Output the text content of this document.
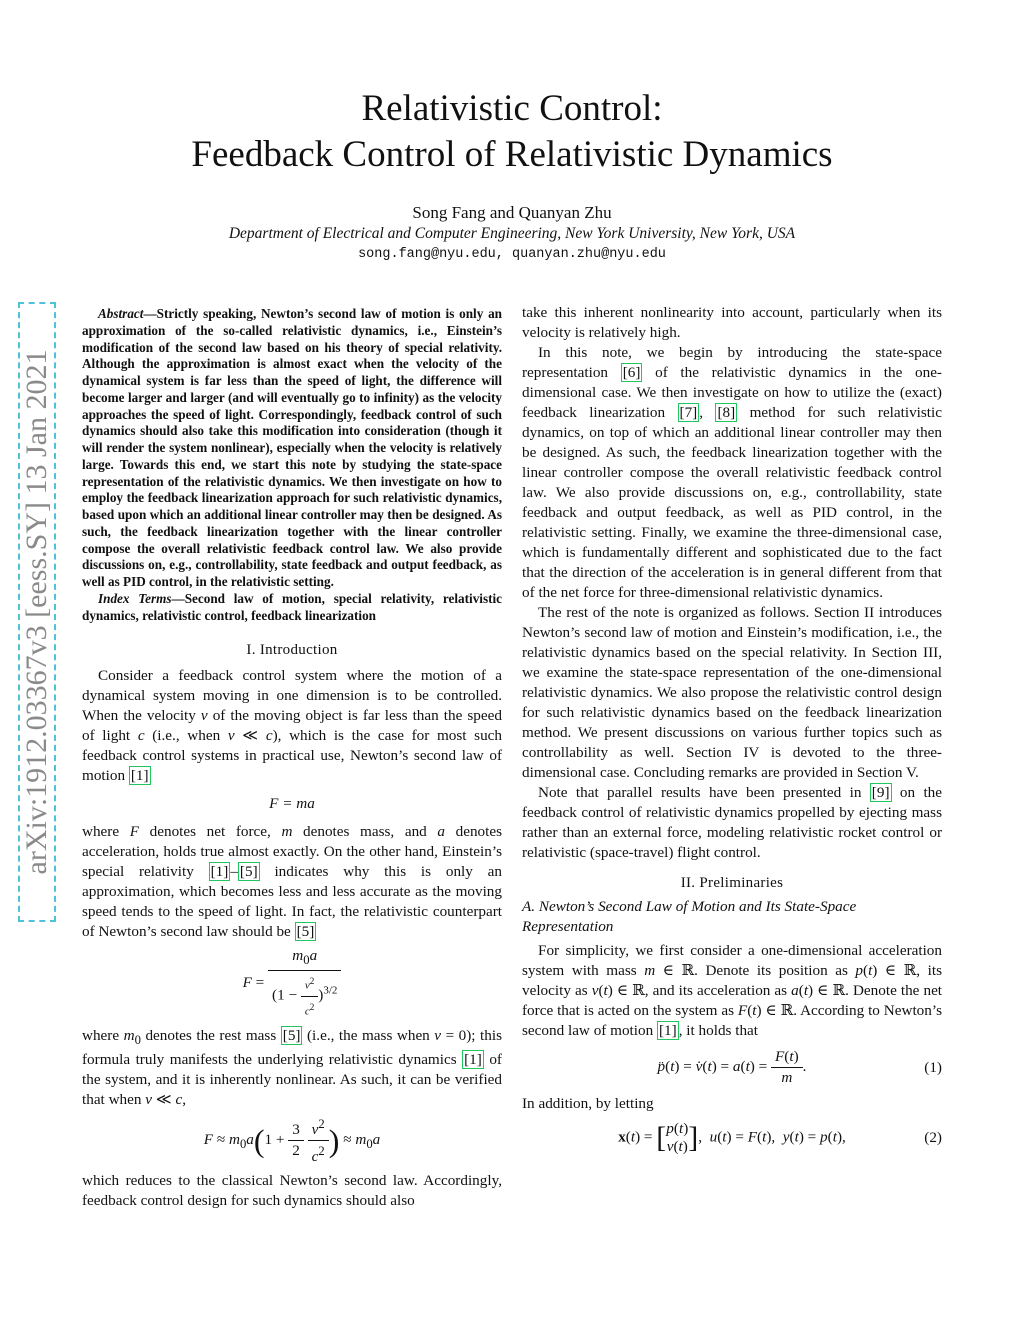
Relativistic Control:
Feedback Control of Relativistic Dynamics
Song Fang and Quanyan Zhu
Department of Electrical and Computer Engineering, New York University, New York, USA
song.fang@nyu.edu, quanyan.zhu@nyu.edu
arXiv:1912.03367v3 [eess.SY] 13 Jan 2021

Abstract—Strictly speaking, Newton’s second law of motion is only an approximation of the so-called relativistic dynamics, i.e., Einstein’s modification of the second law based on his theory of special relativity. Although the approximation is almost exact when the velocity of the dynamical system is far less than the speed of light, the difference will become larger and larger (and will eventually go to infinity) as the velocity approaches the speed of light. Correspondingly, feedback control of such dynamics should also take this modification into consideration (though it will render the system nonlinear), especially when the velocity is relatively large. Towards this end, we start this note by studying the state-space representation of the relativistic dynamics. We then investigate on how to employ the feedback linearization approach for such relativistic dynamics, based upon which an additional linear controller may then be designed. As such, the feedback linearization together with the linear controller compose the overall relativistic feedback control law. We also provide discussions on, e.g., controllability, state feedback and output feedback, as well as PID control, in the relativistic setting.

Index Terms—Second law of motion, special relativity, relativistic dynamics, relativistic control, feedback linearization

I. Introduction

Consider a feedback control system where the motion of a dynamical system moving in one dimension is to be controlled. When the velocity v of the moving object is far less than the speed of light c (i.e., when v ≪ c), which is the case for most such feedback control systems in practical use, Newton’s second law of motion [1]

F = ma

where F denotes net force, m denotes mass, and a denotes acceleration, holds true almost exactly. On the other hand, Einstein’s special relativity [1] – [5] indicates why this is only an approximation, which becomes less and less accurate as the moving speed tends to the speed of light. In fact, the relativistic counterpart of Newton’s second law should be [5]

$F = \frac{m_0a}{(1 - \frac{v^2}{c^2} )^{3/2}}$

where $m_0$ denotes the rest mass [5] (i.e., the mass when v = 0); this formula truly manifests the underlying relativistic dynamics [1] of the system, and it is inherently nonlinear. As such, it can be verified that when v ≪ c,

$F \approx m_0a(1 + \frac{3}{2}$
$\frac{v^2}{c^2}$ ) ≈ $m_0a$

which reduces to the classical Newton’s second law. Accordingly, feedback control design for such dynamics should also

take this inherent nonlinearity into account, particularly when its velocity is relatively high.

In this note, we begin by introducing the state-space representation [6] of the relativistic dynamics in the one-dimensional case. We then investigate on how to utilize the (exact) feedback linearization [7] , [8] method for such relativistic dynamics, on top of which an additional linear controller may then be designed. As such, the feedback linearization together with the linear controller compose the overall relativistic feedback control law. We also provide discussions on, e.g., controllability, state feedback and output feedback, as well as PID control, in the relativistic setting. Finally, we examine the three-dimensional case, which is fundamentally different and sophisticated due to the fact that the direction of the acceleration is in general different from that of the net force for three-dimensional relativistic dynamics.

The rest of the note is organized as follows. Section II introduces Newton’s second law of motion and Einstein’s modification, i.e., the relativistic dynamics based on the special relativity. In Section III, we examine the state-space representation of the one-dimensional relativistic dynamics. We also propose the relativistic control design for such relativistic dynamics based on the feedback linearization method. We present discussions on various further topics such as controllability as well. Section IV is devoted to the three-dimensional case. Concluding remarks are provided in Section V.

Note that parallel results have been presented in [9] on the feedback control of relativistic dynamics propelled by ejecting mass rather than an external force, modeling relativistic rocket control or relativistic (space-travel) flight control.

II. Preliminaries

A. Newton’s Second Law of Motion and Its State-Space Representation

For simplicity, we first consider a one-dimensional acceleration system with mass m ∈ ℝ. Denote its position as p(t) ∈ ℝ, its velocity as v(t) ∈ ℝ, and its acceleration as a(t) ∈ ℝ. Denote the net force that is acted on the system as F(t) ∈ ℝ. According to Newton’s second law of motion [1] , it holds that

p̈(t) = v̇(t) = $a(t) = \frac{F(t)}{m}$ .	(1)

In addition, by letting

x(t) = [p(t)
v(t)],  u(t) = F(t),  y(t) = p(t),	(2)
